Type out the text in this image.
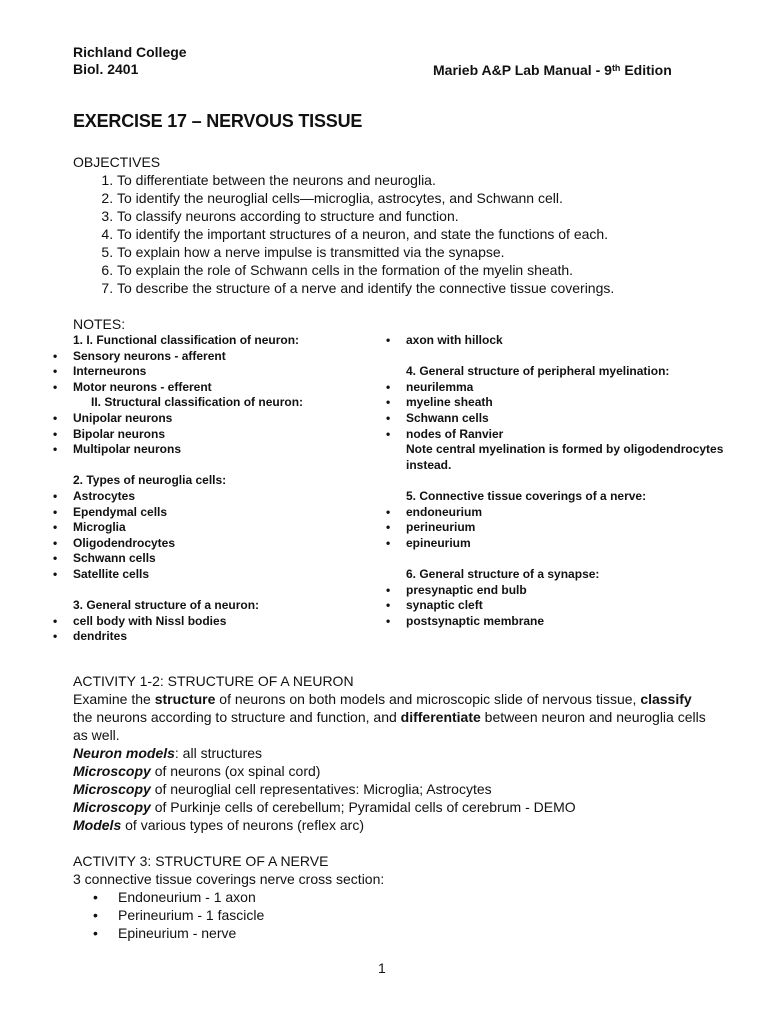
Richland College
Biol. 2401	Marieb A&P Lab Manual - 9th Edition
EXERCISE 17 – NERVOUS TISSUE
OBJECTIVES
1. To differentiate between the neurons and neuroglia.
2. To identify the neuroglial cells—microglia, astrocytes, and Schwann cell.
3. To classify neurons according to structure and function.
4. To identify the important structures of a neuron, and state the functions of each.
5. To explain how a nerve impulse is transmitted via the synapse.
6. To explain the role of Schwann cells in the formation of the myelin sheath.
7. To describe the structure of a nerve and identify the connective tissue coverings.
NOTES:

1. I. Functional classification of neuron:

• Sensory neurons - afferent
• Interneurons
• Motor neurons - efferent

II. Structural classification of neuron:

• Unipolar neurons
• Bipolar neurons
• Multipolar neurons

2. Types of neuroglia cells:

• Astrocytes
• Ependymal cells
• Microglia
• Oligodendrocytes
• Schwann cells
• Satellite cells

3. General structure of a neuron:

• cell body with Nissl bodies
• dendrites
• axon with hillock

4. General structure of peripheral myelination:

• neurilemma
• myeline sheath
• Schwann cells
• nodes of Ranvier

Note central myelination is formed by oligodendrocytes instead.

5. Connective tissue coverings of a nerve:

• endoneurium
• perineurium
• epineurium

6. General structure of a synapse:

• presynaptic end bulb
• synaptic cleft
• postsynaptic membrane

ACTIVITY 1-2: STRUCTURE OF A NEURON

Examine the structure of neurons on both models and microscopic slide of nervous tissue, classify the neurons according to structure and function, and differentiate between neuron and neuroglia cells as well.

Neuron models: all structures

Microscopy of neurons (ox spinal cord)

Microscopy of neuroglial cell representatives: Microglia; Astrocytes

Microscopy of Purkinje cells of cerebellum; Pyramidal cells of cerebrum - DEMO

Models of various types of neurons (reflex arc)

ACTIVITY 3: STRUCTURE OF A NERVE

3 connective tissue coverings nerve cross section:

• Endoneurium - 1 axon
• Perineurium - 1 fascicle
• Epineurium - nerve
1
